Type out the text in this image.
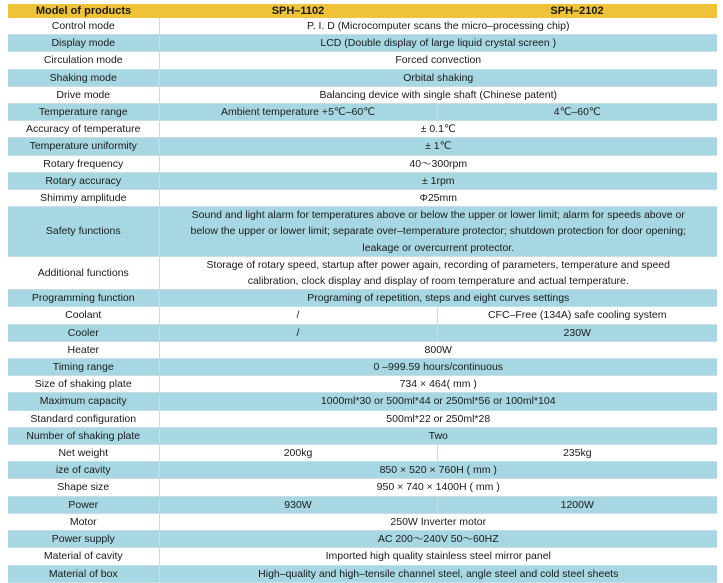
Model of products	SPH–1102	SPH–2102
Control mode	P. I. D (Microcomputer scans the micro–processing chip)	
Display mode	LCD (Double display of large liquid crystal screen )	
Circulation mode	Forced convection	
Shaking mode	Orbital shaking	
Drive mode	Balancing device with single shaft (Chinese patent)	
Temperature range	Ambient temperature +5℃–60℃	4℃–60℃
Accuracy of temperature	± 0.1℃	
Temperature uniformity	± 1℃	
Rotary frequency	40～300rpm	
Rotary accuracy	± 1rpm	
Shimmy amplitude	Φ25mm	
Safety functions	Sound and light alarm for temperatures above or below the upper or lower limit; alarm for speeds above or
below the upper or lower limit; separate over–temperature protector; shutdown protection for door opening;
leakage or overcurrent protector.	

Additional functions	Storage of rotary speed, startup after power again, recording of parameters, temperature and speed
calibration, clock display and display of room temperature and actual temperature.	

Programming function	Programing of repetition, steps and eight curves settings	
Coolant	/	CFC–Free (134A) safe cooling system
Cooler	/	230W
Heater	800W	
Timing range	0 –999.59 hours/continuous	
Size of shaking plate	734 × 464( mm )	
Maximum capacity	1000ml*30 or 500ml*44 or 250ml*56 or 100ml*104	
Standard configuration	500ml*22 or 250ml*28	
Number of shaking plate	Two	
Net weight	200kg	235kg
ize of cavity	850 × 520 × 760H ( mm )	
Shape size	950 × 740 × 1400H ( mm )	
Power	930W	1200W
Motor	250W Inverter motor	
Power supply	AC 200～240V 50～60HZ	
Material of cavity	Imported high quality stainless steel mirror panel	
Material of box	High–quality and high–tensile channel steel, angle steel and cold steel sheets	
